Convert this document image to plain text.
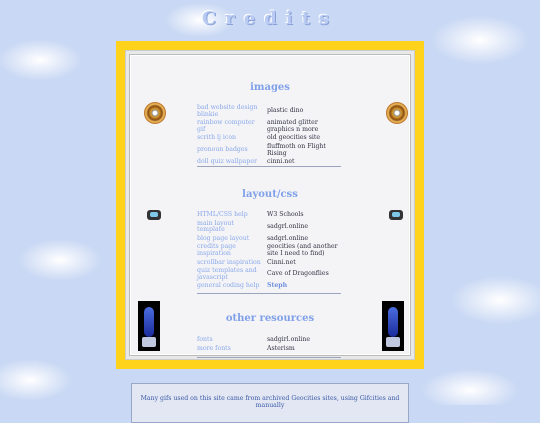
Credits
images
bad website design blinkie	plastic dino
rainbow computer gif	animated glitter graphics n more
scrith lj icon	old geocities site
pronoun badges	fluffmoth on Flight Rising
doll quiz wallpaper	cinni.net
layout/css
HTML/CSS help	W3 Schools
main layout template	sadgrl.online
blog page layout	sadgrl.online
credits page inspiration	geocities (and another site I need to find)
scrollbar inspiration	Cinni.net
quiz templates and javascript	Cave of Dragonflies
general coding help	Steph
other resources
fonts	sadgirl.online
more fonts	Asterism
Many gifs used on this site came from archived Geocities sites, using Gifcities and manually
